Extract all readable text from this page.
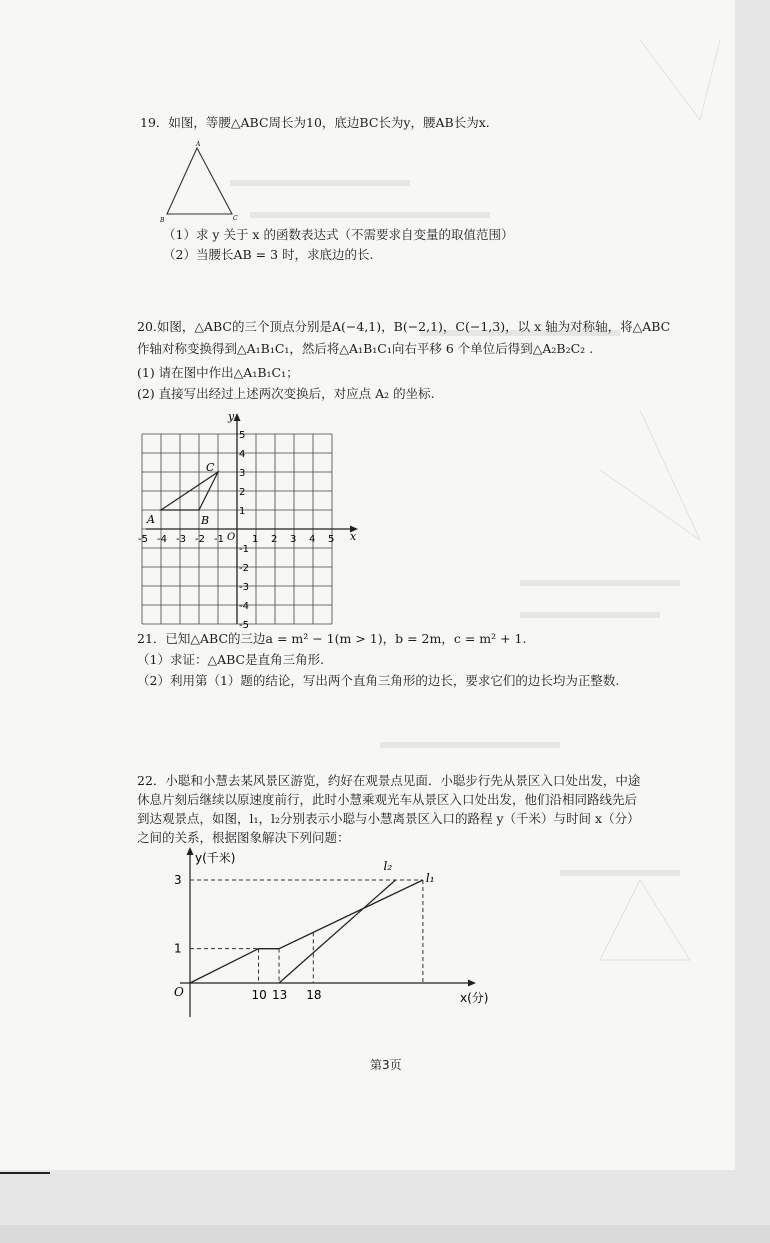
19．如图，等腰△ABC周长为10，底边BC长为y，腰AB长为x.
A
B	C
（1）求 y 关于 x 的函数表达式（不需要求自变量的取值范围）
（2）当腰长AB = 3 时，求底边的长.
20.如图，△ABC的三个顶点分别是A(−4,1)，B(−2,1)，C(−1,3)，以 x 轴为对称轴，将△ABC
作轴对称变换得到△A₁B₁C₁，然后将△A₁B₁C₁向右平移 6 个单位后得到△A₂B₂C₂ .
(1) 请在图中作出△A₁B₁C₁；
(2) 直接写出经过上述两次变换后，对应点 A₂ 的坐标.
x
y
O
-5 -4 -3 -2 -1	1 2 3 4 5
5
4
3
2
1
-1
-2
-3
-4
-5
A	B
C
21．已知△ABC的三边a = m² − 1(m > 1)，b = 2m，c = m² + 1.
（1）求证：△ABC是直角三角形.
（2）利用第（1）题的结论，写出两个直角三角形的边长，要求它们的边长均为正整数.
22．小聪和小慧去某风景区游览，约好在观景点见面．小聪步行先从景区入口处出发，中途
休息片刻后继续以原速度前行，此时小慧乘观光车从景区入口处出发，他们沿相同路线先后
到达观景点，如图，l₁，l₂分别表示小聪与小慧离景区入口的路程 y（千米）与时间 x（分）
之间的关系，根据图象解决下列问题：
y(千米)
x(分)
O
3
1
10 13 18
l₁
l₂
第3页
